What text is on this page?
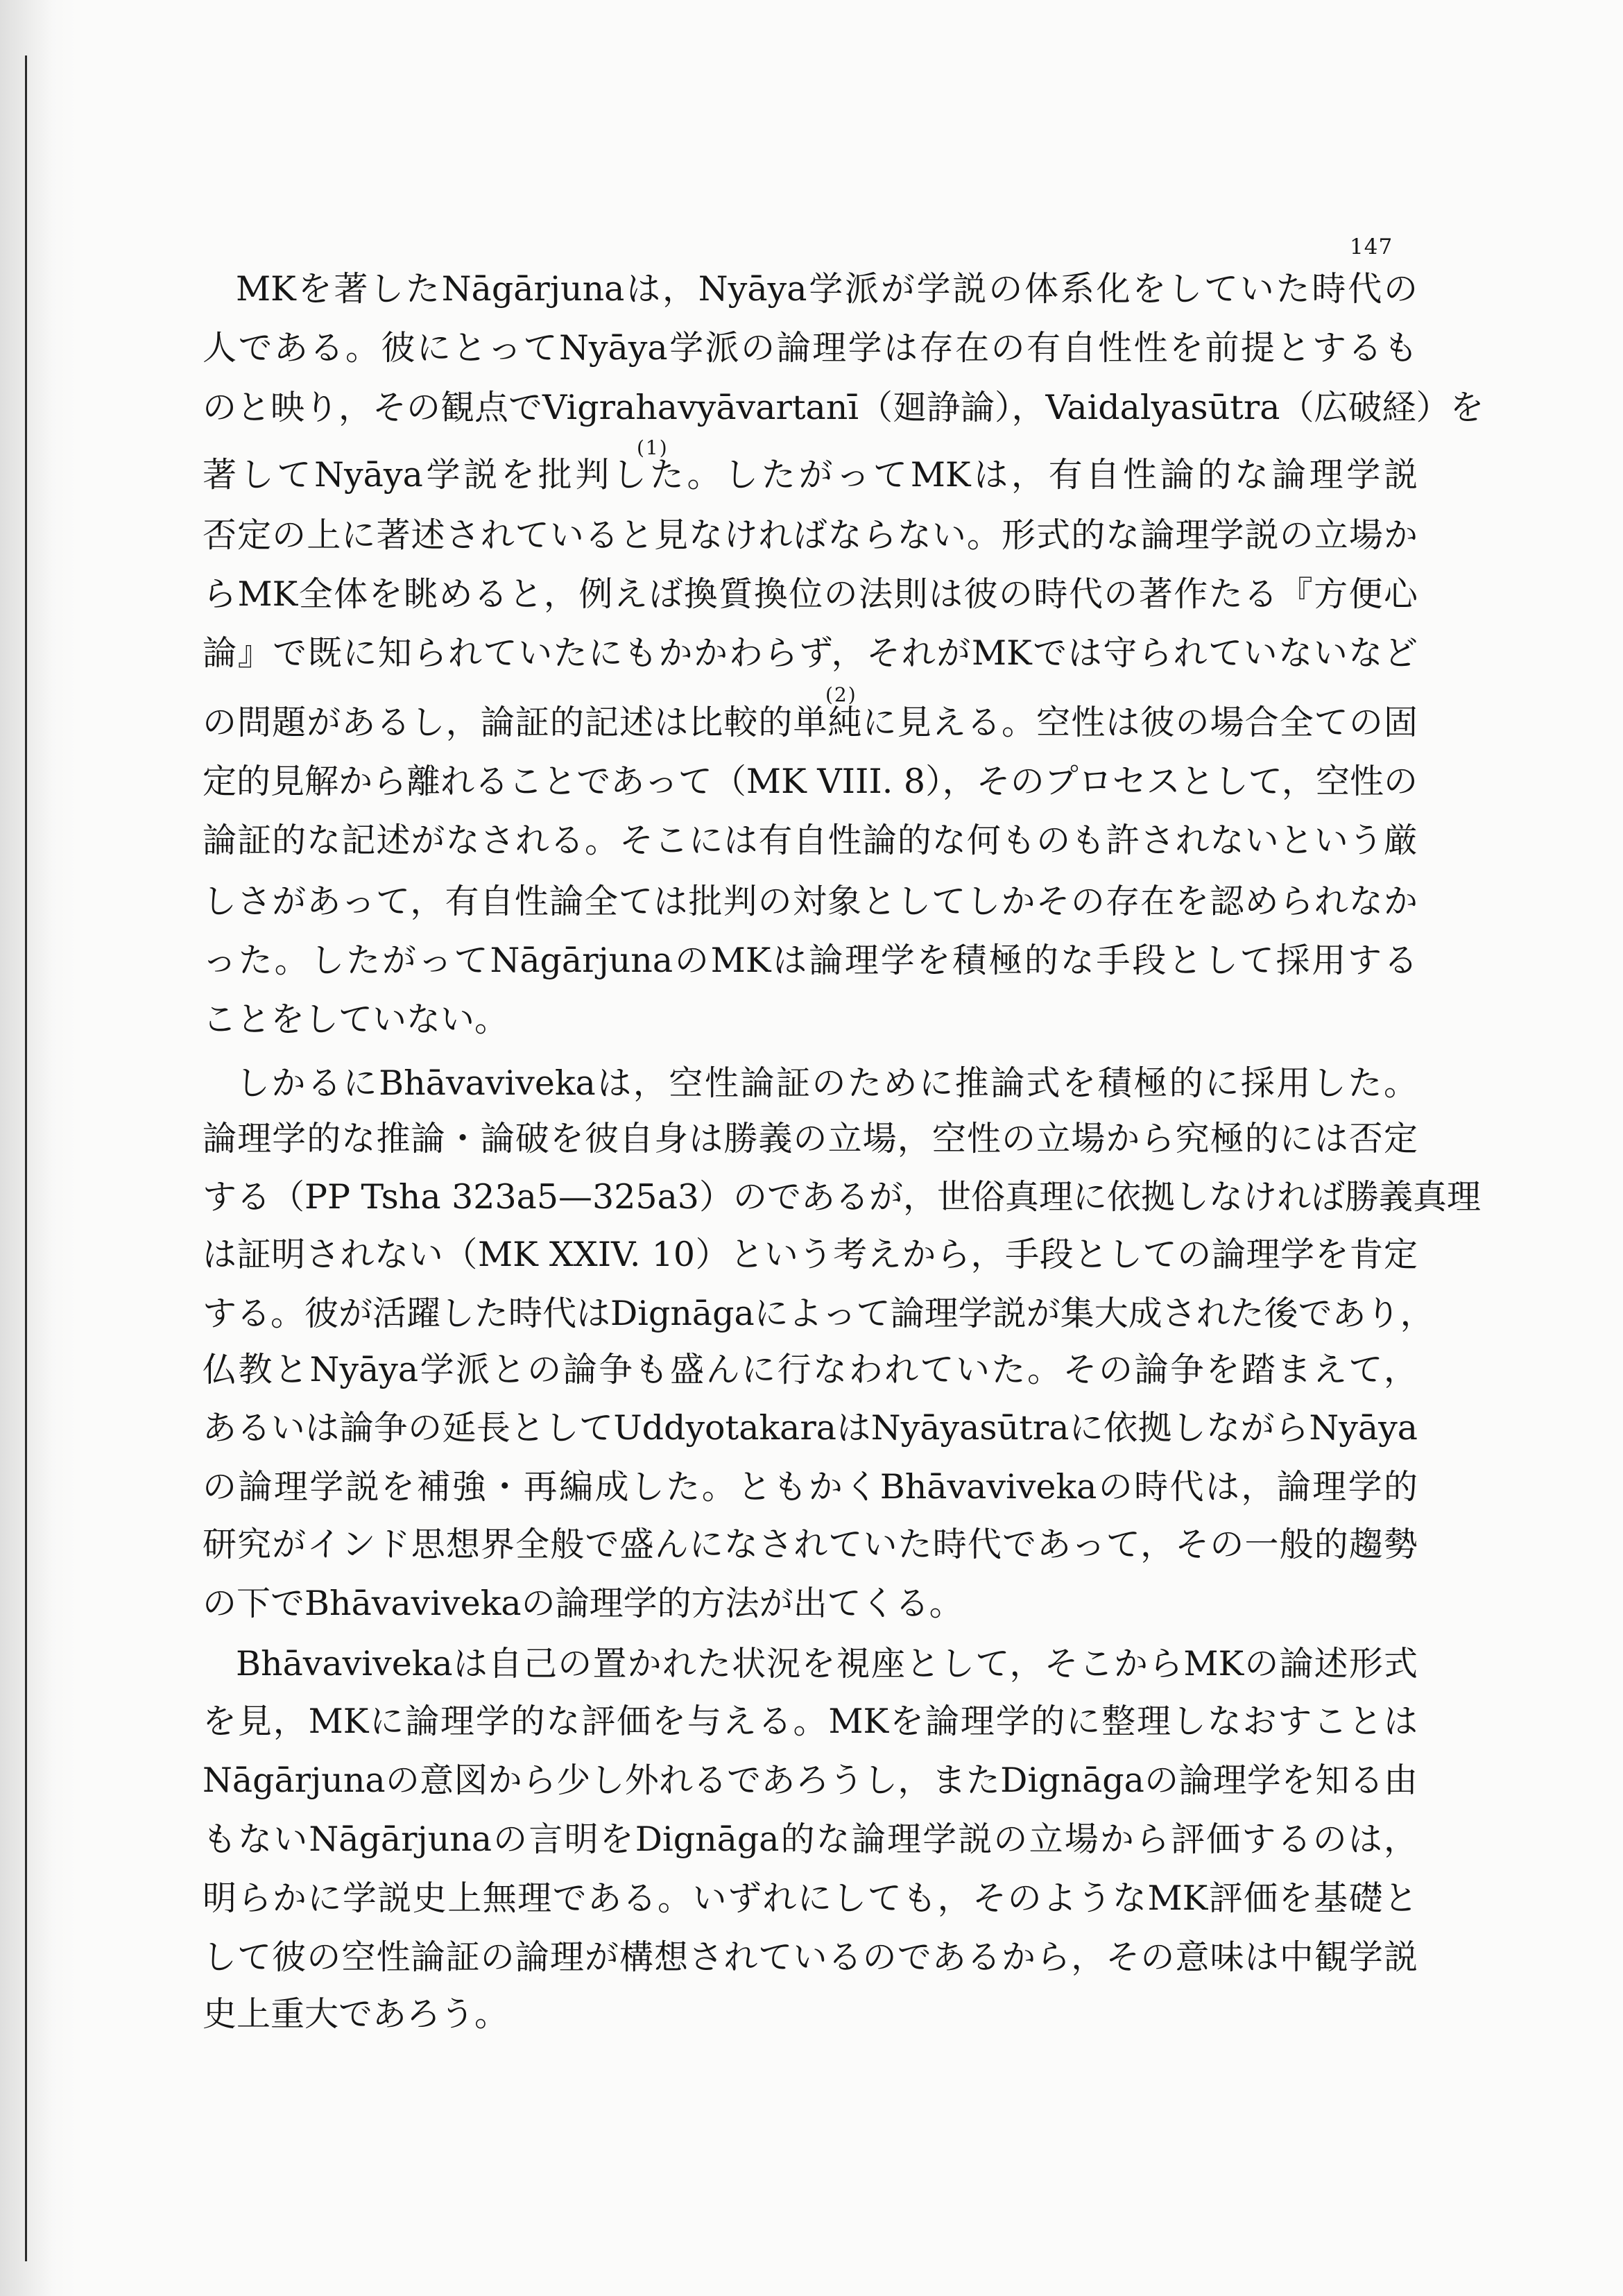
147
MKを著したNāgārjunaは，Nyāya学派が学説の体系化をしていた時代の
人である。彼にとってNyāya学派の論理学は存在の有自性性を前提とするも
のと映り，その観点でVigrahavyāvartanī（廻諍論），Vaidalyasūtra（広破経）を
(1)
著してNyāya学説を批判した。したがってMKは，有自性論的な論理学説
否定の上に著述されていると見なければならない。形式的な論理学説の立場か
らMK全体を眺めると，例えば換質換位の法則は彼の時代の著作たる『方便心
論』で既に知られていたにもかかわらず，それがMKでは守られていないなど
(2)
の問題があるし，論証的記述は比較的単純に見える。空性は彼の場合全ての固
定的見解から離れることであって（MK VIII. 8），そのプロセスとして，空性の
論証的な記述がなされる。そこには有自性論的な何ものも許されないという厳
しさがあって，有自性論全ては批判の対象としてしかその存在を認められなか
った。したがってNāgārjunaのMKは論理学を積極的な手段として採用する
ことをしていない。
しかるにBhāvavivekaは，空性論証のために推論式を積極的に採用した。
論理学的な推論・論破を彼自身は勝義の立場，空性の立場から究極的には否定
する（PP Tsha 323a5—325a3）のであるが，世俗真理に依拠しなければ勝義真理
は証明されない（MK XXIV. 10）という考えから，手段としての論理学を肯定
する。彼が活躍した時代はDignāgaによって論理学説が集大成された後であり，
仏教とNyāya学派との論争も盛んに行なわれていた。その論争を踏まえて，
あるいは論争の延長としてUddyotakaraはNyāyasūtraに依拠しながらNyāya
の論理学説を補強・再編成した。ともかくBhāvavivekaの時代は，論理学的
研究がインド思想界全般で盛んになされていた時代であって，その一般的趨勢
の下でBhāvavivekaの論理学的方法が出てくる。
Bhāvavivekaは自己の置かれた状況を視座として，そこからMKの論述形式
を見，MKに論理学的な評価を与える。MKを論理学的に整理しなおすことは
Nāgārjunaの意図から少し外れるであろうし，またDignāgaの論理学を知る由
もないNāgārjunaの言明をDignāga的な論理学説の立場から評価するのは，
明らかに学説史上無理である。いずれにしても，そのようなMK評価を基礎と
して彼の空性論証の論理が構想されているのであるから，その意味は中観学説
史上重大であろう。
